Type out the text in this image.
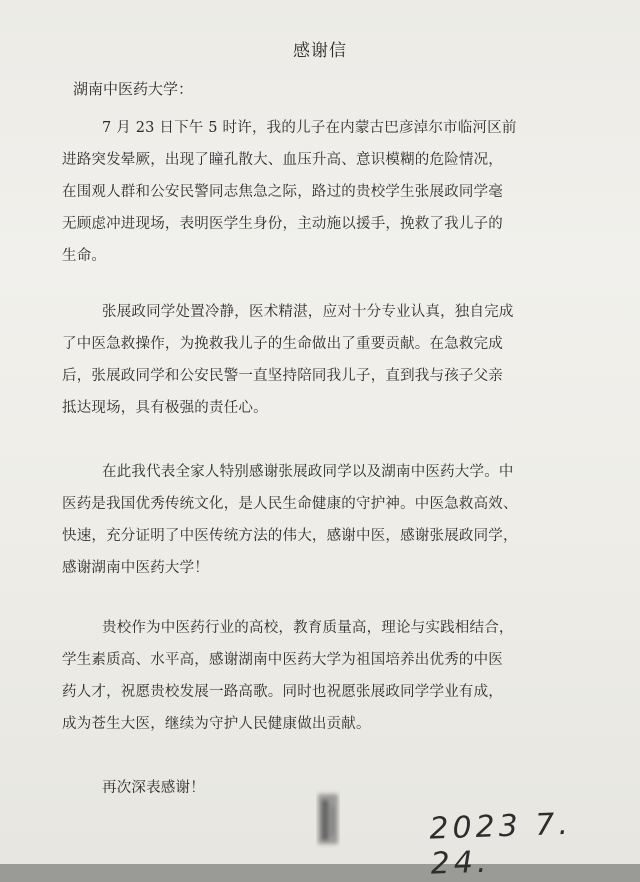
感谢信
湖南中医药大学：
7 月 23 日下午 5 时许，我的儿子在内蒙古巴彦淖尔市临河区前
进路突发晕厥，出现了瞳孔散大、血压升高、意识模糊的危险情况，
在围观人群和公安民警同志焦急之际，路过的贵校学生张展政同学毫
无顾虑冲进现场，表明医学生身份，主动施以援手，挽救了我儿子的
生命。
张展政同学处置冷静，医术精湛，应对十分专业认真，独自完成
了中医急救操作，为挽救我儿子的生命做出了重要贡献。在急救完成
后，张展政同学和公安民警一直坚持陪同我儿子，直到我与孩子父亲
抵达现场，具有极强的责任心。
在此我代表全家人特别感谢张展政同学以及湖南中医药大学。中
医药是我国优秀传统文化，是人民生命健康的守护神。中医急救高效、
快速，充分证明了中医传统方法的伟大，感谢中医，感谢张展政同学，
感谢湖南中医药大学！
贵校作为中医药行业的高校，教育质量高，理论与实践相结合，
学生素质高、水平高，感谢湖南中医药大学为祖国培养出优秀的中医
药人才，祝愿贵校发展一路高歌。同时也祝愿张展政同学学业有成，
成为苍生大医，继续为守护人民健康做出贡献。
再次深表感谢！
2023 7. 24.
